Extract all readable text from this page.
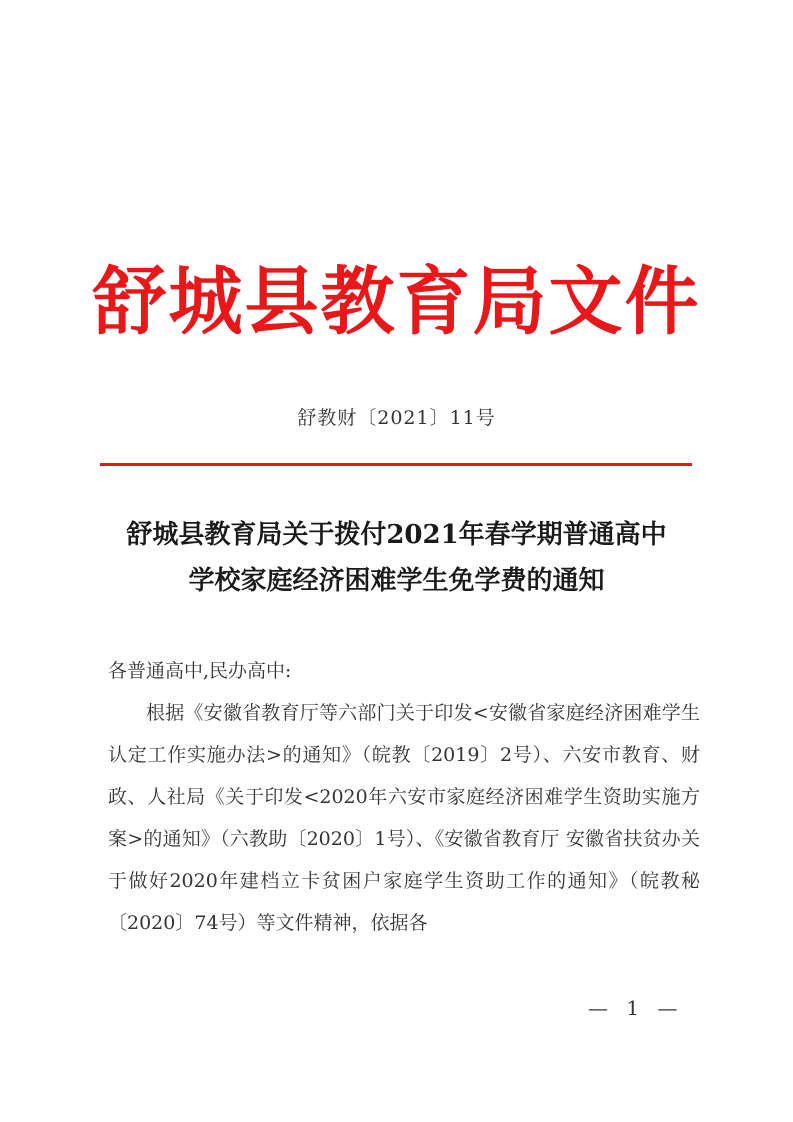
舒城县教育局文件
舒教财〔2021〕11号
舒城县教育局关于拨付2021年春学期普通高中
学校家庭经济困难学生免学费的通知

各普通高中,民办高中:

根据《安徽省教育厅等六部门关于印发<安徽省家庭经济困难学生认定工作实施办法>的通知》（皖教〔2019〕2号）、六安市教育、财政、人社局《关于印发<2020年六安市家庭经济困难学生资助实施方案>的通知》（六教助〔2020〕1号）、《安徽省教育厅 安徽省扶贫办关于做好2020年建档立卡贫困户家庭学生资助工作的通知》（皖教秘〔2020〕74号）等文件精神，依据各

— 1 —
